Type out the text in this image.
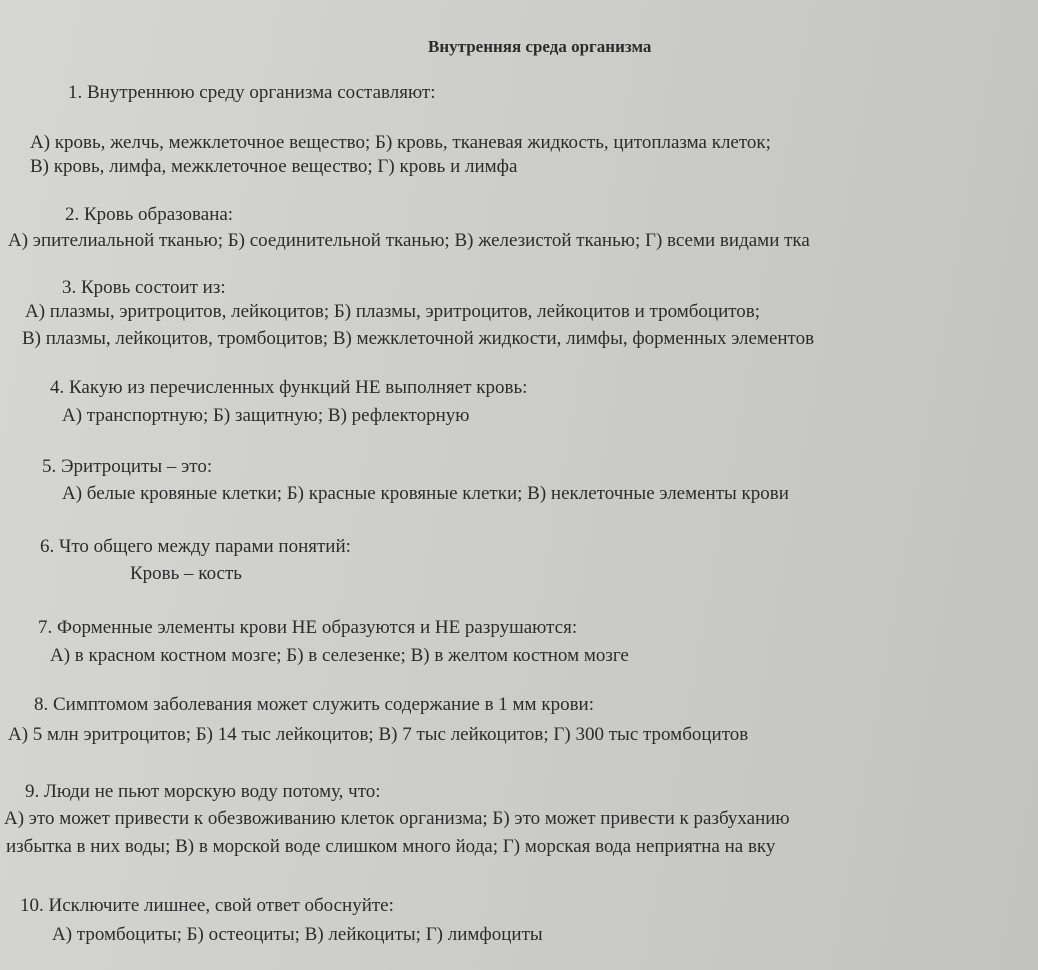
Внутренняя среда организма
1. Внутреннюю среду организма составляют:
А) кровь, желчь, межклеточное вещество; Б) кровь, тканевая жидкость, цитоплазма клеток;
В) кровь, лимфа, межклеточное вещество; Г) кровь и лимфа
2. Кровь образована:
А) эпителиальной тканью; Б) соединительной тканью; В) железистой тканью; Г) всеми видами тка
3. Кровь состоит из:
А) плазмы, эритроцитов, лейкоцитов; Б) плазмы, эритроцитов, лейкоцитов и тромбоцитов;
В) плазмы, лейкоцитов, тромбоцитов; В) межклеточной жидкости, лимфы, форменных элементов
4. Какую из перечисленных функций НЕ выполняет кровь:
А) транспортную; Б) защитную; В) рефлекторную
5. Эритроциты – это:
А) белые кровяные клетки; Б) красные кровяные клетки; В) неклеточные элементы крови
6. Что общего между парами понятий:
Кровь – кость
7. Форменные элементы крови НЕ образуются и НЕ разрушаются:
А) в красном костном мозге; Б) в селезенке; В) в желтом костном мозге
8. Симптомом заболевания может служить содержание в 1 мм крови:
А) 5 млн эритроцитов; Б) 14 тыс лейкоцитов; В) 7 тыс лейкоцитов; Г) 300 тыс тромбоцитов
9. Люди не пьют морскую воду потому, что:
А) это может привести к обезвоживанию клеток организма; Б) это может привести к разбуханию
избытка в них воды; В) в морской воде слишком много йода; Г) морская вода неприятна на вку
10. Исключите лишнее, свой ответ обоснуйте:
А) тромбоциты; Б) остеоциты; В) лейкоциты; Г) лимфоциты
